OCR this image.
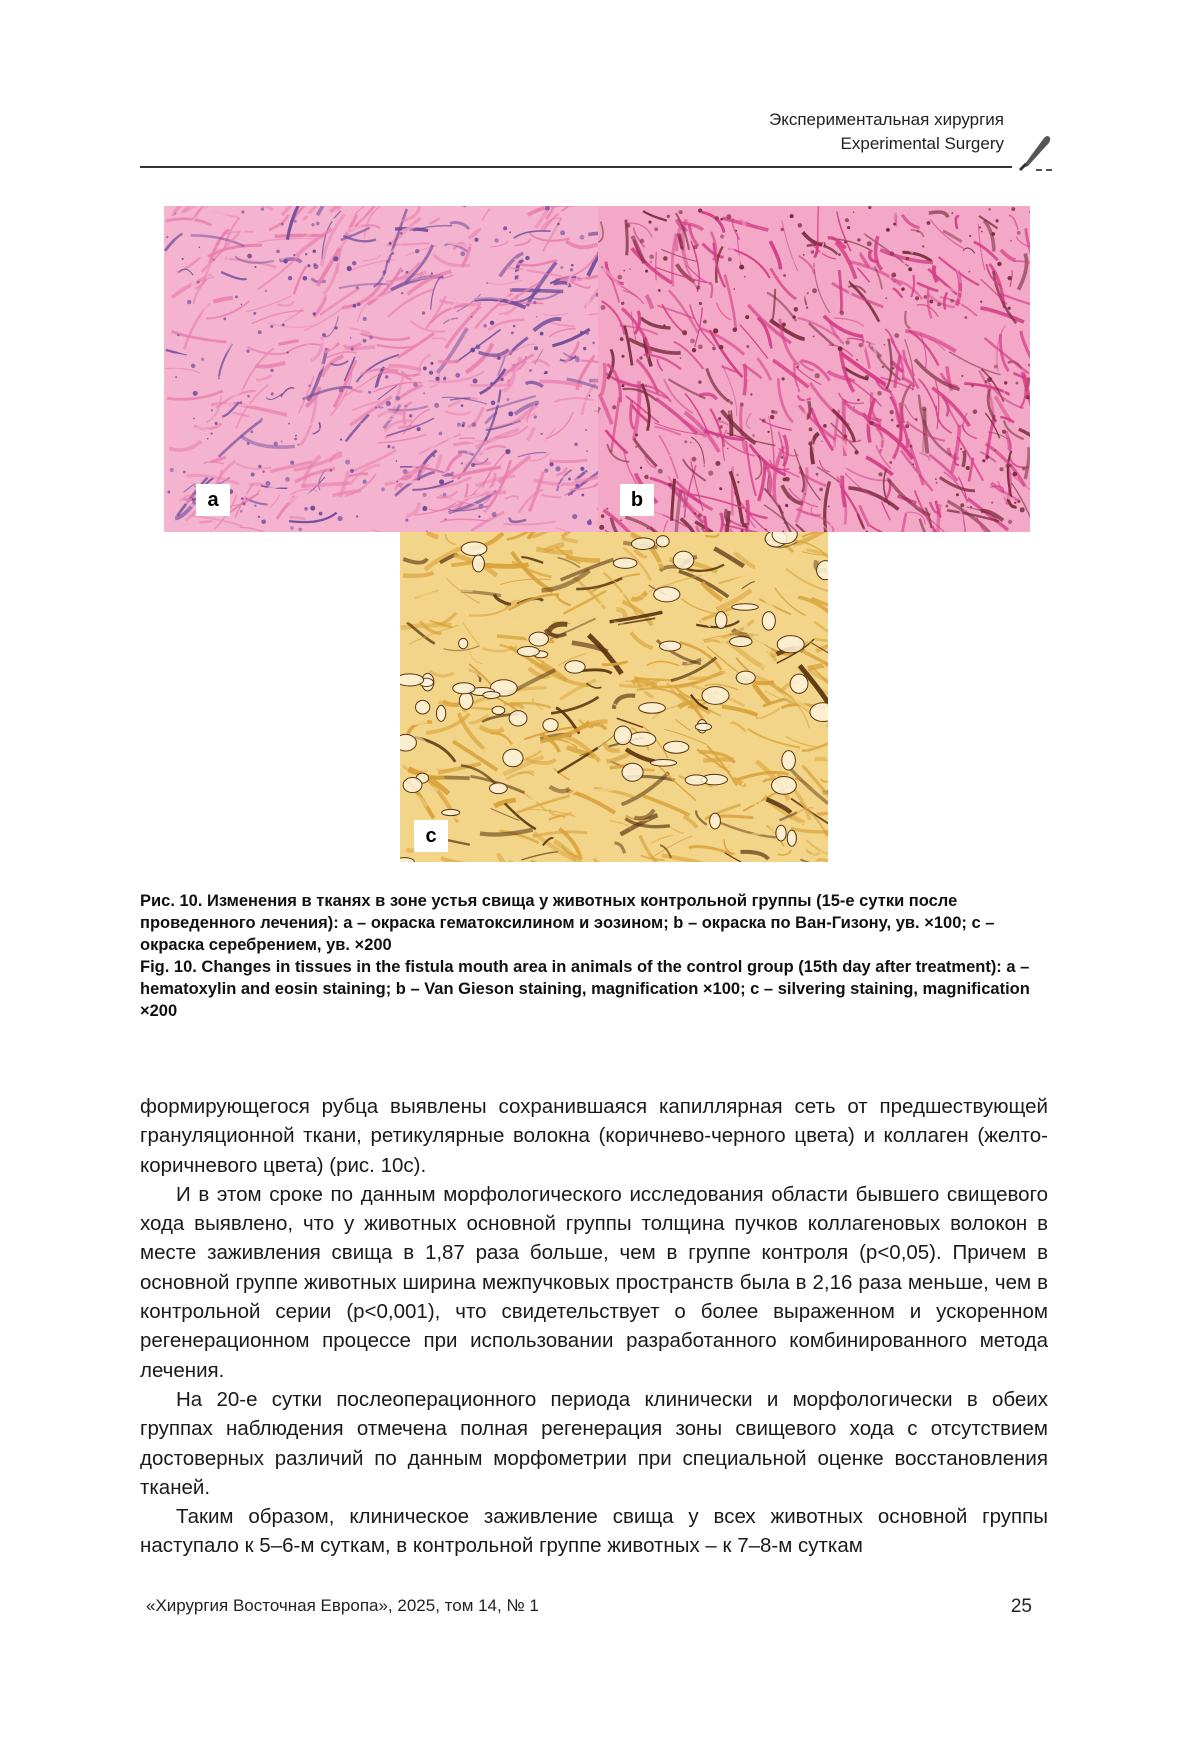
Экспериментальная хирургия
Experimental Surgery
a	b
c

Рис. 10. Изменения в тканях в зоне устья свища у животных контрольной группы (15-е сутки после проведенного лечения): a – окраска гематоксилином и эозином; b – окраска по Ван-Гизону, ув. ×100; c – окраска серебрением, ув. ×200

Fig. 10. Changes in tissues in the fistula mouth area in animals of the control group (15th day after treatment): a – hematoxylin and eosin staining; b – Van Gieson staining, magnification ×100; c – silvering staining, magnification ×200

формирующегося рубца выявлены сохранившаяся капиллярная сеть от предшествующей грануляционной ткани, ретикулярные волокна (коричнево-черного цвета) и коллаген (желто-коричневого цвета) (рис. 10c).

И в этом сроке по данным морфологического исследования области бывшего свищевого хода выявлено, что у животных основной группы толщина пучков коллагеновых волокон в месте заживления свища в 1,87 раза больше, чем в группе контроля (p<0,05). Причем в основной группе животных ширина межпучковых пространств была в 2,16 раза меньше, чем в контрольной серии (p<0,001), что свидетельствует о более выраженном и ускоренном регенерационном процессе при использовании разработанного комбинированного метода лечения.

На 20-е сутки послеоперационного периода клинически и морфологически в обеих группах наблюдения отмечена полная регенерация зоны свищевого хода с отсутствием достоверных различий по данным морфометрии при специальной оценке восстановления тканей.

Таким образом, клиническое заживление свища у всех животных основной группы наступало к 5–6-м суткам, в контрольной группе животных – к 7–8-м суткам

«Хирургия Восточная Европа», 2025, том 14, № 1	25
